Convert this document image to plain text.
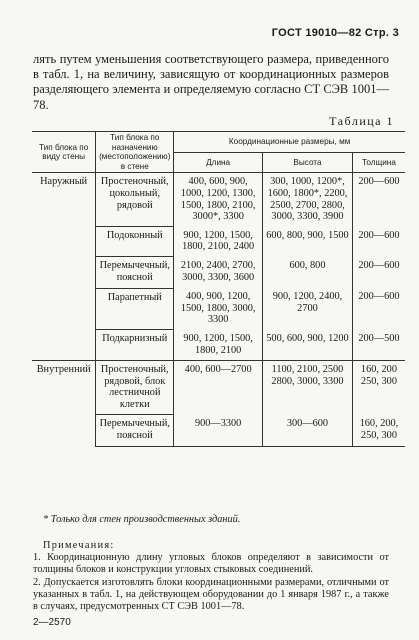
ГОСТ 19010—82 Стр. 3
лять путем уменьшения соответствующего размера, приведенного в табл. 1, на величину, зависящую от координационных размеров разделяющего элемента и определяемую согласно СТ СЭВ 1001—78.
Таблица 1
Тип блока по виду стены	Тип блока по назначению (местоположению) в стене	Координационные размеры, мм		
		Длина	Высота	Толщина
Наружный	Простеночный, цокольный, рядовой	400, 600, 900, 1000, 1200, 1300, 1500, 1800, 2100, 3000*, 3300	300, 1000, 1200*, 1600, 1800*, 2200, 2500, 2700, 2800, 3000, 3300, 3900	200—600
	Подоконный	900, 1200, 1500, 1800, 2100, 2400	600, 800, 900, 1500	200—600
	Перемычечный, поясной	2100, 2400, 2700, 3000, 3300, 3600	600, 800	200—600
	Парапетный	400, 900, 1200, 1500, 1800, 3000, 3300	900, 1200, 2400, 2700	200—600
	Подкарнизный	900, 1200, 1500, 1800, 2100	500, 600, 900, 1200	200—500
Внутренний	Простеночный, рядовой, блок лестничной клетки	400, 600—2700	1100, 2100, 2500 2800, 3000, 3300	160, 200 250, 300
	Перемычечный, поясной	900—3300	300—600	160, 200, 250, 300
* Только для стен производственных зданий.
Примечания:
1. Координационную длину угловых блоков определяют в зависимости от толщины блоков и конструкции угловых стыковых соединений.
2. Допускается изготовлять блоки координационными размерами, отличными от указанных в табл. 1, на действующем оборудовании до 1 января 1987 г., а также в случаях, предусмотренных СТ СЭВ 1001—78.
2—2570
